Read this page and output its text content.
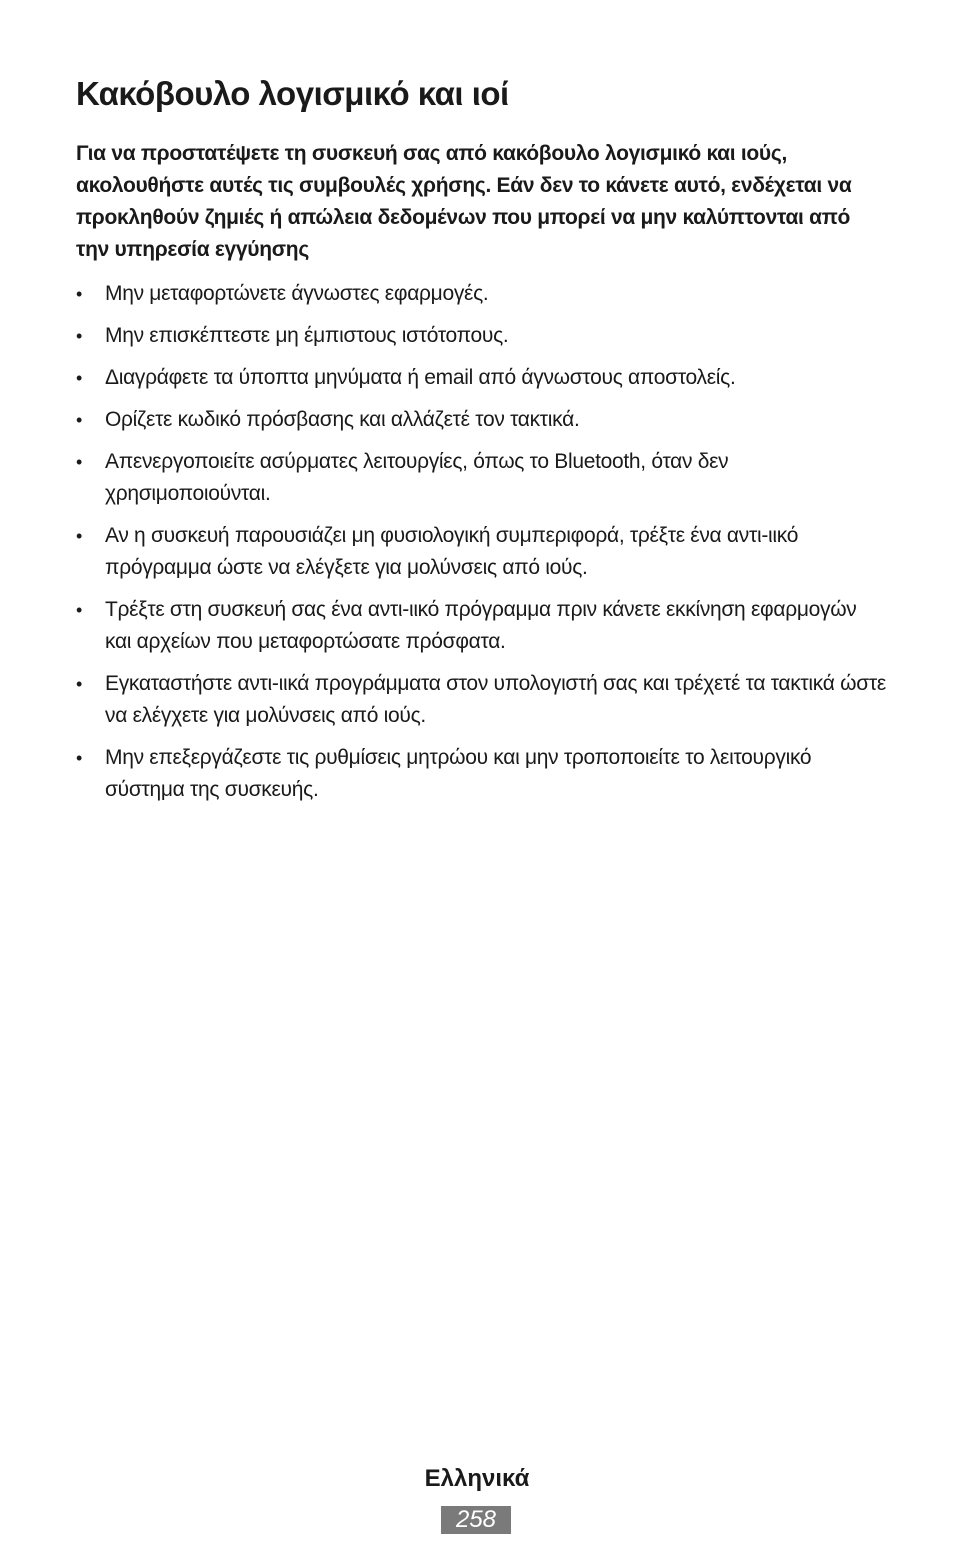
Κακόβουλο λογισμικό και ιοί

Για να προστατέψετε τη συσκευή σας από κακόβουλο λογισμικό και ιούς, ακολουθήστε αυτές τις συμβουλές χρήσης. Εάν δεν το κάνετε αυτό, ενδέχεται να προκληθούν ζημιές ή απώλεια δεδομένων που μπορεί να μην καλύπτονται από την υπηρεσία εγγύησης

•	Μην μεταφορτώνετε άγνωστες εφαρμογές.
•	Μην επισκέπτεστε μη έμπιστους ιστότοπους.
•	Διαγράφετε τα ύποπτα μηνύματα ή email από άγνωστους αποστολείς.
•	Ορίζετε κωδικό πρόσβασης και αλλάζετέ τον τακτικά.
•	Απενεργοποιείτε ασύρματες λειτουργίες, όπως το Bluetooth, όταν δεν χρησιμοποιούνται.
•	Αν η συσκευή παρουσιάζει μη φυσιολογική συμπεριφορά, τρέξτε ένα αντι-ιικό πρόγραμμα ώστε να ελέγξετε για μολύνσεις από ιούς.
•	Τρέξτε στη συσκευή σας ένα αντι-ιικό πρόγραμμα πριν κάνετε εκκίνηση εφαρμογών και αρχείων που μεταφορτώσατε πρόσφατα.
•	Εγκαταστήστε αντι-ιικά προγράμματα στον υπολογιστή σας και τρέχετέ τα τακτικά ώστε να ελέγχετε για μολύνσεις από ιούς.
•	Μην επεξεργάζεστε τις ρυθμίσεις μητρώου και μην τροποποιείτε το λειτουργικό σύστημα της συσκευής.
Ελληνικά
258
